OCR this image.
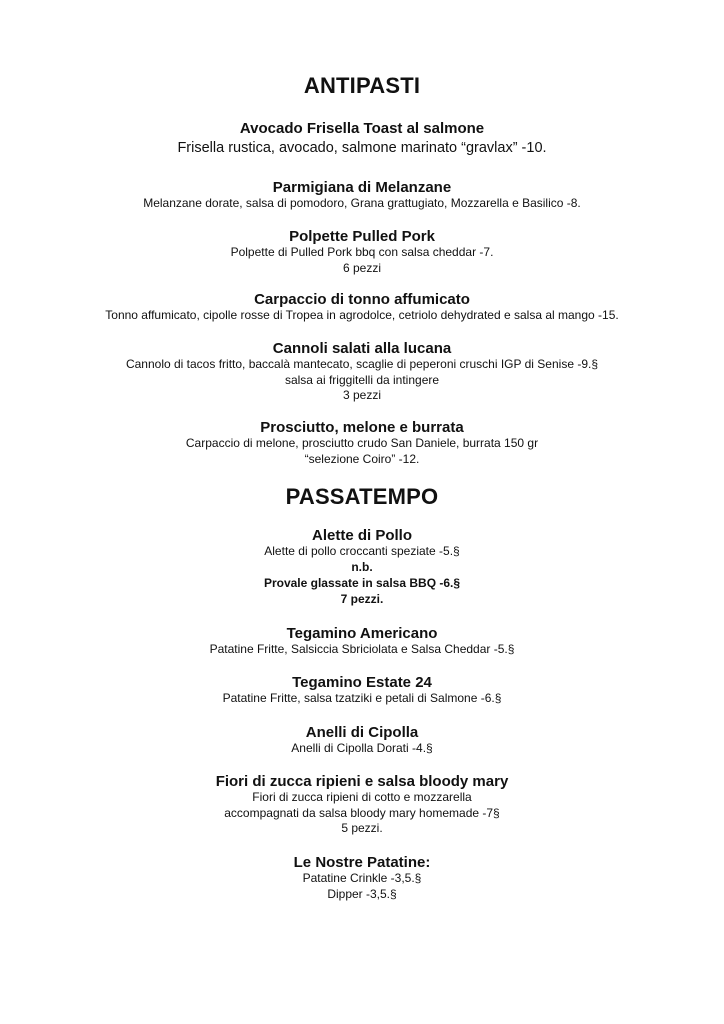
ANTIPASTI
Avocado Frisella Toast al salmone
Frisella rustica, avocado, salmone marinato “gravlax” -10.
Parmigiana di Melanzane
Melanzane dorate, salsa di pomodoro, Grana grattugiato, Mozzarella e Basilico -8.
Polpette Pulled Pork
Polpette di Pulled Pork bbq con salsa cheddar -7.
6 pezzi
Carpaccio di tonno affumicato
Tonno affumicato, cipolle rosse di Tropea in agrodolce, cetriolo dehydrated e salsa al mango -15.
Cannoli salati alla lucana
Cannolo di tacos fritto, baccalà mantecato, scaglie di peperoni cruschi IGP di Senise -9.§
salsa ai friggitelli da intingere
3 pezzi
Prosciutto, melone e burrata
Carpaccio di melone, prosciutto crudo San Daniele, burrata 150 gr
“selezione Coiro” -12.
PASSATEMPO
Alette di Pollo
Alette di pollo croccanti speziate -5.§
n.b.
Provale glassate in salsa BBQ -6.§
7 pezzi.
Tegamino Americano
Patatine Fritte, Salsiccia Sbriciolata e Salsa Cheddar -5.§
Tegamino Estate 24
Patatine Fritte, salsa tzatziki e petali di Salmone -6.§
Anelli di Cipolla
Anelli di Cipolla Dorati -4.§
Fiori di zucca ripieni e salsa bloody mary
Fiori di zucca ripieni di cotto e mozzarella
accompagnati da salsa bloody mary homemade -7§
5 pezzi.
Le Nostre Patatine:
Patatine Crinkle -3,5.§
Dipper -3,5.§
